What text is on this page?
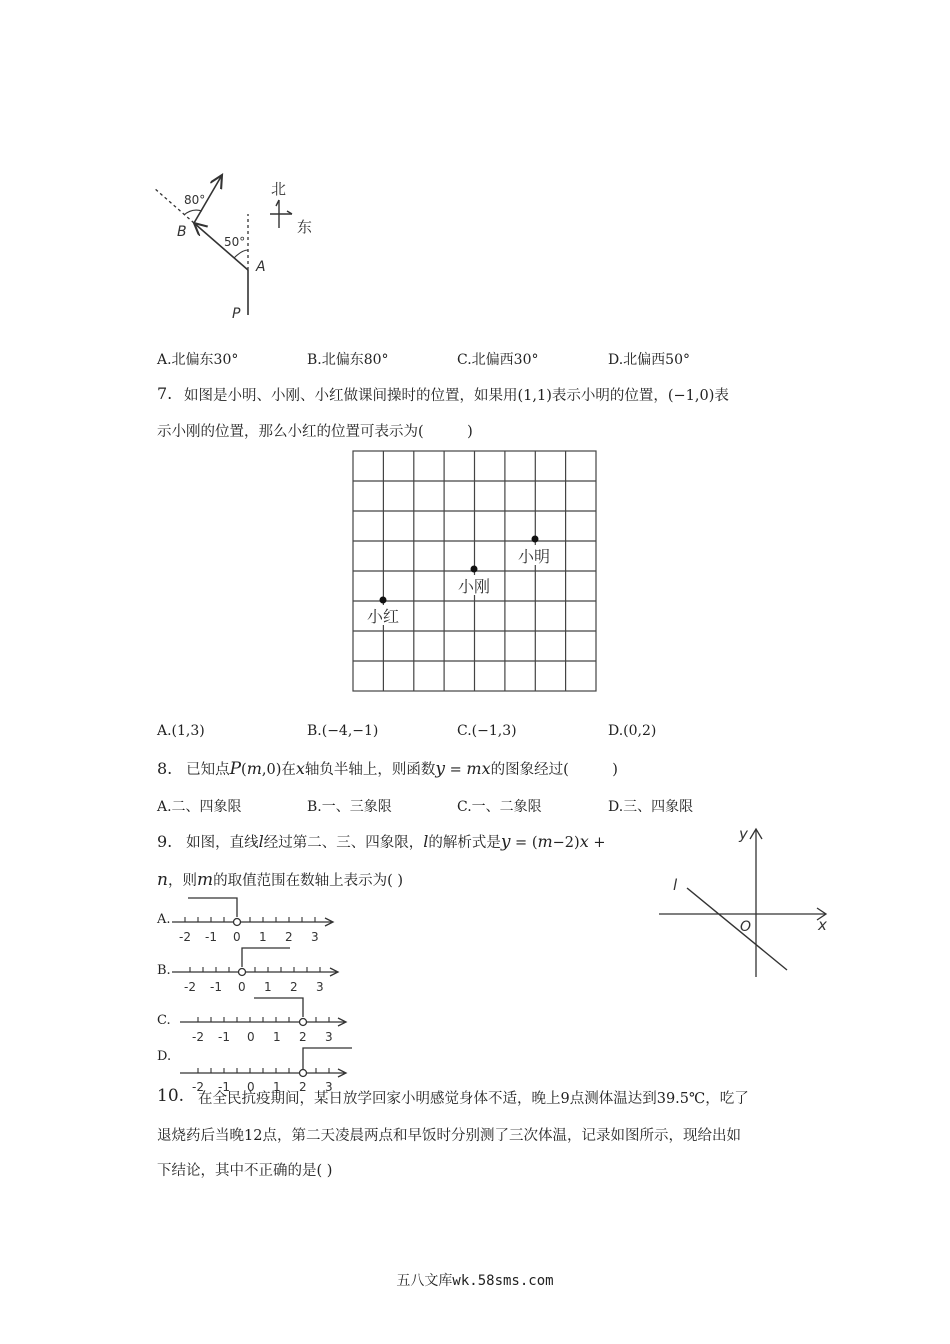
80°
50°
B
A
P
北
东
A.北偏东30°	B.北偏东80°	C.北偏西30°	D.北偏西50°
7. 如图是小明、小刚、小红做课间操时的位置，如果用(1,1)表示小明的位置，(−1,0)表
示小刚的位置，那么小红的位置可表示为(　　　)
小明
小刚
小红
A.(1,3)	B.(−4,−1)	C.(−1,3)	D.(0,2)
8. 已知点P(m,0)在x轴负半轴上，则函数y = mx的图象经过(　　　)
A.二、四象限	B.一、三象限	C.一、二象限	D.三、四象限
9. 如图，直线l经过第二、三、四象限，l的解析式是y = (m−2)x +
n，则m的取值范围在数轴上表示为( )
y
x
O
l
A.
-2 -1 0 1 2 3
B.
-2 -1 0 1 2 3
C.
-2 -1 0 1 2 3
D.
-2 -1 0 1 2 3
10. 在全民抗疫期间，某日放学回家小明感觉身体不适，晚上9点测体温达到39.5℃，吃了
退烧药后当晚12点，第二天凌晨两点和早饭时分别测了三次体温，记录如图所示，现给出如
下结论，其中不正确的是( )
五八文库wk.58sms.com
